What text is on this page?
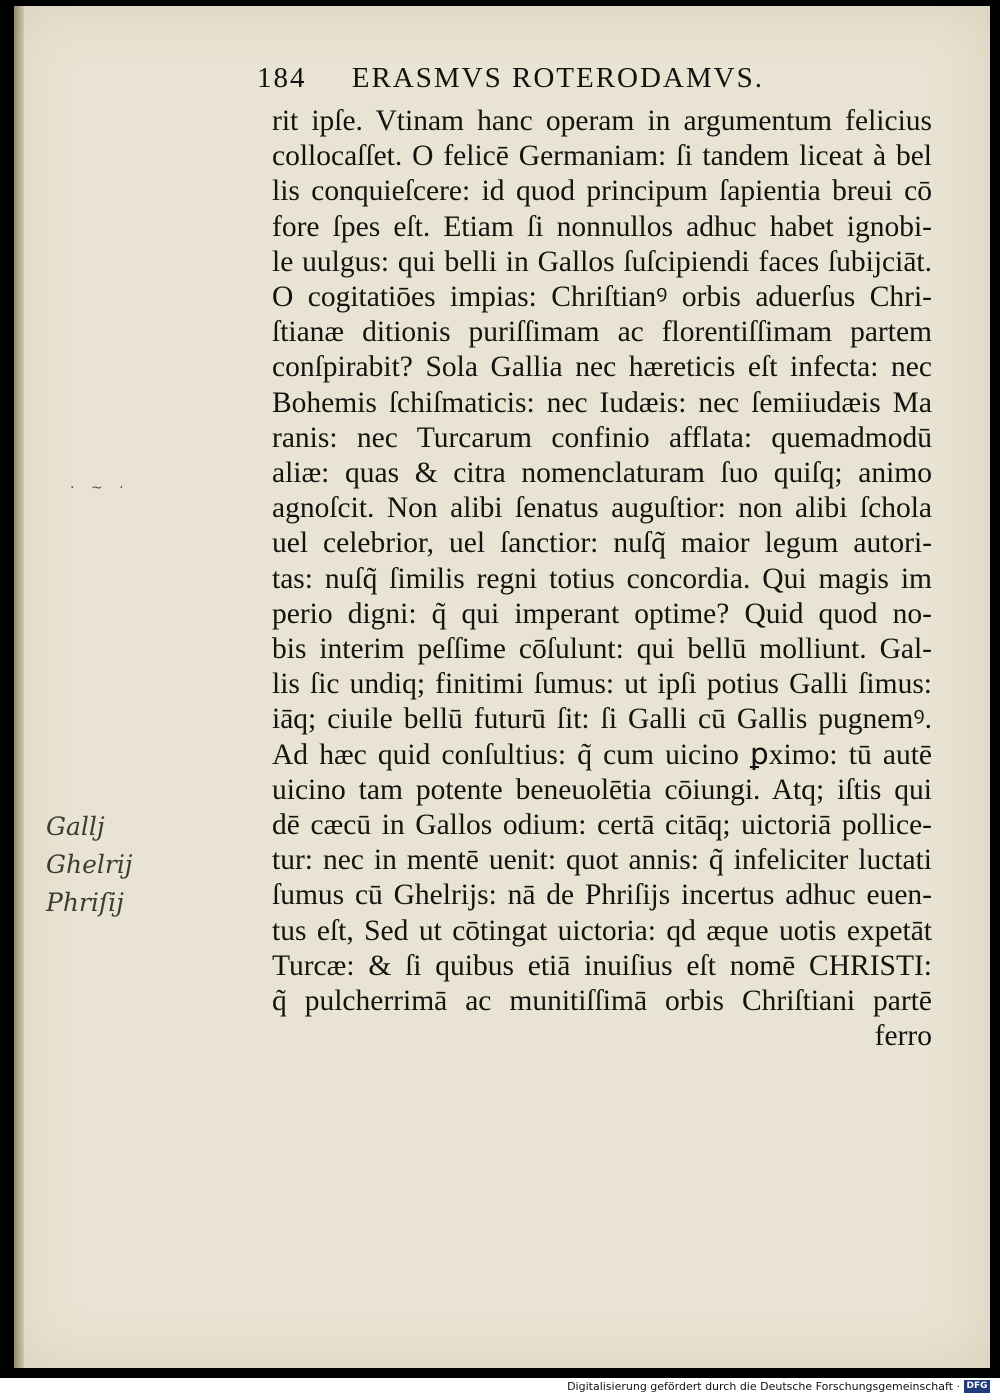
184 ERASMVS ROTERODAMVS.
rit ipſe. Vtinam hanc operam in argumentum felicius
collocaſſet. O felicē Germaniam: ſi tandem liceat à bel
lis conquieſcere: id quod principum ſapientia breui cō
fore ſpes eſt. Etiam ſi nonnullos adhuc habet ignobi-
le uulgus: qui belli in Gallos ſuſcipiendi faces ſubijciāt.
O cogitatiōes impias: Chriſtianꝰ orbis aduerſus Chri-
ſtianæ ditionis puriſſimam ac florentiſſimam partem
conſpirabit? Sola Gallia nec hæreticis eſt infecta: nec
Bohemis ſchiſmaticis: nec Iudæis: nec ſemiiudæis Ma
ranis: nec Turcarum confinio afflata: quemadmodū
aliæ: quas & citra nomenclaturam ſuo quiſq; animo
agnoſcit. Non alibi ſenatus auguſtior: non alibi ſchola
uel celebrior, uel ſanctior: nuſq̃ maior legum autori-
tas: nuſq̃ ſimilis regni totius concordia. Qui magis im
perio digni: q̃ qui imperant optime? Quid quod no-
bis interim peſſime cōſulunt: qui bellū molliunt. Gal-
lis ſic undiq; finitimi ſumus: ut ipſi potius Galli ſimus:
iāq; ciuile bellū futurū ſit: ſi Galli cū Gallis pugnemꝰ.
Ad hæc quid conſultius: q̃ cum uicino ꝑximo: tū autē
uicino tam potente beneuolētia cōiungi. Atq; iſtis qui
dē cæcū in Gallos odium: certā citāq; uictoriā pollice-
tur: nec in mentē uenit: quot annis: q̃ infeliciter luctati
ſumus cū Ghelrijs: nā de Phriſijs incertus adhuc euen-
tus eſt, Sed ut cōtingat uictoria: qd æque uotis expetāt
Turcæ: & ſi quibus etiā inuiſius eſt nomē CHRISTI:
q̃ pulcherrimā ac munitiſſimā orbis Chriſtiani partē
ferro
· ~ ·
Gallj
Ghelrij
Phriſij
Digitalisierung gefördert durch die Deutsche Forschungsgemeinschaft · DFG
